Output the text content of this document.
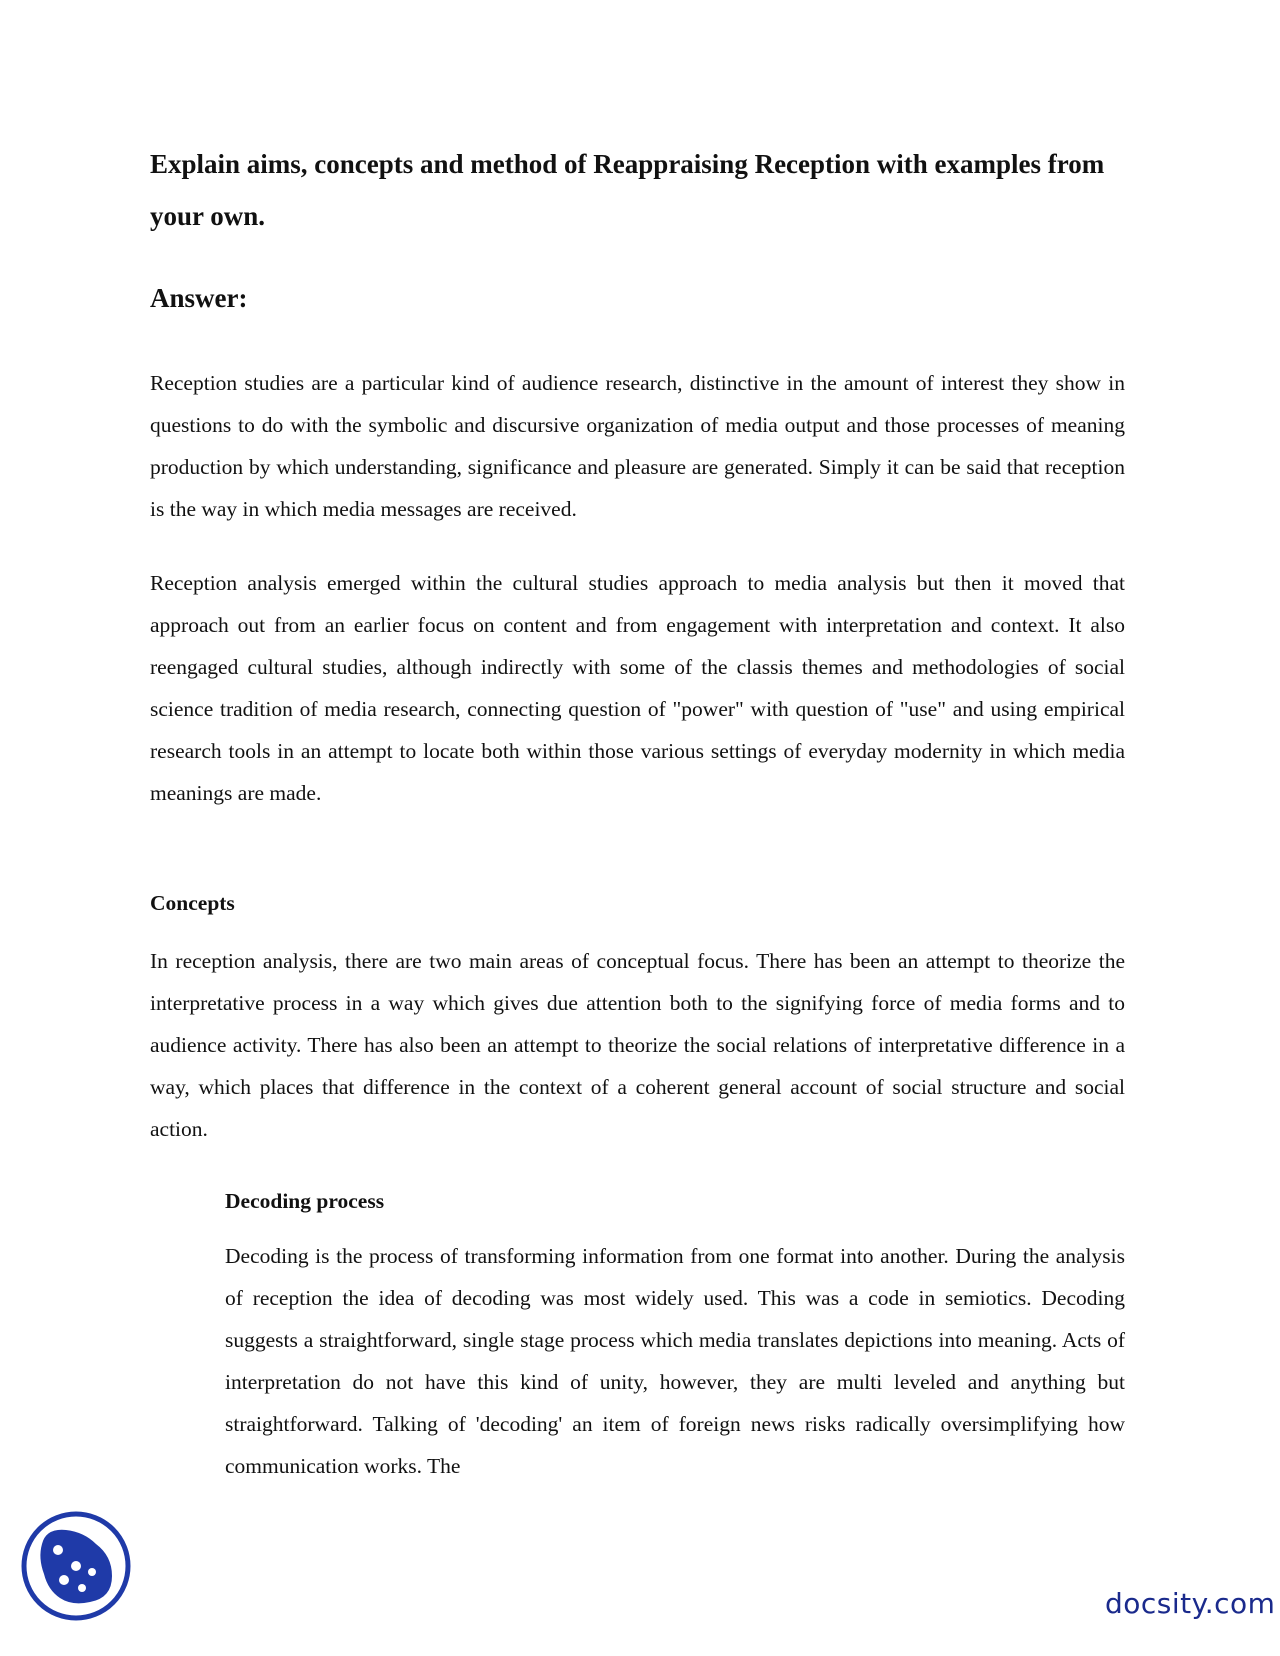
Explain aims, concepts and method of Reappraising Reception with examples from your own.
Answer:

Reception studies are a particular kind of audience research, distinctive in the amount of interest they show in questions to do with the symbolic and discursive organization of media output and those processes of meaning production by which understanding, significance and pleasure are generated. Simply it can be said that reception is the way in which media messages are received.

Reception analysis emerged within the cultural studies approach to media analysis but then it moved that approach out from an earlier focus on content and from engagement with interpretation and context. It also reengaged cultural studies, although indirectly with some of the classis themes and methodologies of social science tradition of media research, connecting question of "power" with question of "use" and using empirical research tools in an attempt to locate both within those various settings of everyday modernity in which media meanings are made.

Concepts

In reception analysis, there are two main areas of conceptual focus. There has been an attempt to theorize the interpretative process in a way which gives due attention both to the signifying force of media forms and to audience activity. There has also been an attempt to theorize the social relations of interpretative difference in a way, which places that difference in the context of a coherent general account of social structure and social action.

Decoding process

Decoding is the process of transforming information from one format into another. During the analysis of reception the idea of decoding was most widely used. This was a code in semiotics. Decoding suggests a straightforward, single stage process which media translates depictions into meaning. Acts of interpretation do not have this kind of unity, however, they are multi leveled and anything but straightforward. Talking of 'decoding' an item of foreign news risks radically oversimplifying how communication works. The

docsity.com
